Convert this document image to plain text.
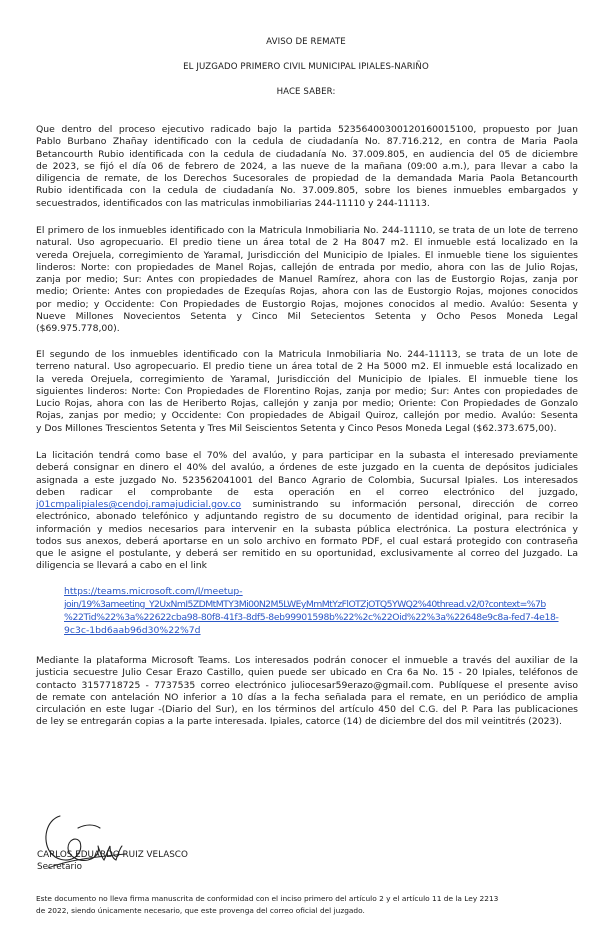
AVISO DE REMATE
EL JUZGADO PRIMERO CIVIL MUNICIPAL IPIALES-NARIÑO
HACE SABER:
Que dentro del proceso ejecutivo radicado bajo la partida 52356400300120160015100, propuesto por Juan
Pablo Burbano Zhañay identificado con la cedula de ciudadanía No. 87.716.212, en contra de Maria Paola
Betancourth Rubio identificada con la cedula de ciudadanía No. 37.009.805, en audiencia del 05 de diciembre
de 2023, se fijó el día 06 de febrero de 2024, a las nueve de la mañana (09:00 a.m.), para llevar a cabo la
diligencia de remate, de los Derechos Sucesorales de propiedad de la demandada Maria Paola Betancourth
Rubio identificada con la cedula de ciudadanía No. 37.009.805, sobre los bienes inmuebles embargados y
secuestrados, identificados con las matriculas inmobiliarias 244-11110 y 244-11113.
El primero de los inmuebles identificado con la Matricula Inmobiliaria No. 244-11110, se trata de un lote de terreno
natural. Uso agropecuario. El predio tiene un área total de 2 Ha 8047 m2. El inmueble está localizado en la
vereda Orejuela, corregimiento de Yaramal, Jurisdicción del Municipio de Ipiales. El inmueble tiene los siguientes
linderos: Norte: con propiedades de Manel Rojas, callejón de entrada por medio, ahora con las de Julio Rojas,
zanja por medio; Sur: Antes con propiedades de Manuel Ramírez, ahora con las de Eustorgio Rojas, zanja por
medio; Oriente: Antes con propiedades de Ezequías Rojas, ahora con las de Eustorgio Rojas, mojones conocidos
por medio; y Occidente: Con Propiedades de Eustorgio Rojas, mojones conocidos al medio. Avalúo: Sesenta y
Nueve Millones Novecientos Setenta y Cinco Mil Setecientos Setenta y Ocho Pesos Moneda Legal
($69.975.778,00).
El segundo de los inmuebles identificado con la Matricula Inmobiliaria No. 244-11113, se trata de un lote de
terreno natural. Uso agropecuario. El predio tiene un área total de 2 Ha 5000 m2. El inmueble está localizado en
la vereda Orejuela, corregimiento de Yaramal, Jurisdicción del Municipio de Ipiales. El inmueble tiene los
siguientes linderos: Norte: Con Propiedades de Florentino Rojas, zanja por medio; Sur: Antes con propiedades de
Lucio Rojas, ahora con las de Heriberto Rojas, callejón y zanja por medio; Oriente: Con Propiedades de Gonzalo
Rojas, zanjas por medio; y Occidente: Con propiedades de Abigail Quiroz, callejón por medio. Avalúo: Sesenta
y Dos Millones Trescientos Setenta y Tres Mil Seiscientos Setenta y Cinco Pesos Moneda Legal ($62.373.675,00).
La licitación tendrá como base el 70% del avalúo, y para participar en la subasta el interesado previamente
deberá consignar en dinero el 40% del avalúo, a órdenes de este juzgado en la cuenta de depósitos judiciales
asignada a este juzgado No. 523562041001 del Banco Agrario de Colombia, Sucursal Ipiales. Los interesados
deben radicar el comprobante de esta operación en el correo electrónico del juzgado,
j01cmpalipiales@cendoj.ramajudicial.gov.co suministrando su información personal, dirección de correo
electrónico, abonado telefónico y adjuntando registro de su documento de identidad original, para recibir la
información y medios necesarios para intervenir en la subasta pública electrónica. La postura electrónica y
todos sus anexos, deberá aportarse en un solo archivo en formato PDF, el cual estará protegido con contraseña
que le asigne el postulante, y deberá ser remitido en su oportunidad, exclusivamente al correo del Juzgado. La
diligencia se llevará a cabo en el link
https://teams.microsoft.com/l/meetup-
join/19%3ameeting_Y2UxNmI5ZDMtMTY3Mi00N2M5LWEyMmMtYzFlOTZjOTQ5YWQ2%40thread.v2/0?context=%7b
%22Tid%22%3a%22622cba98-80f8-41f3-8df5-8eb99901598b%22%2c%22Oid%22%3a%22648e9c8a-fed7-4e18-
9c3c-1bd6aab96d30%22%7d
Mediante la plataforma Microsoft Teams. Los interesados podrán conocer el inmueble a través del auxiliar de la
justicia secuestre Julio Cesar Erazo Castillo, quien puede ser ubicado en Cra 6a No. 15 - 20 Ipiales, teléfonos de
contacto 3157718725 - 7737535 correo electrónico juliocesar59erazo@gmail.com. Publíquese el presente aviso
de remate con antelación NO inferior a 10 días a la fecha señalada para el remate, en un periódico de amplia
circulación en este lugar -(Diario del Sur), en los términos del artículo 450 del C.G. del P. Para las publicaciones
de ley se entregarán copias a la parte interesada. Ipiales, catorce (14) de diciembre del dos mil veintitrés (2023).
CARLOS EDUARDO RUIZ VELASCO
Secretario
Este documento no lleva firma manuscrita de conformidad con el inciso primero del artículo 2 y el artículo 11 de la Ley 2213
de 2022, siendo únicamente necesario, que este provenga del correo oficial del juzgado.
